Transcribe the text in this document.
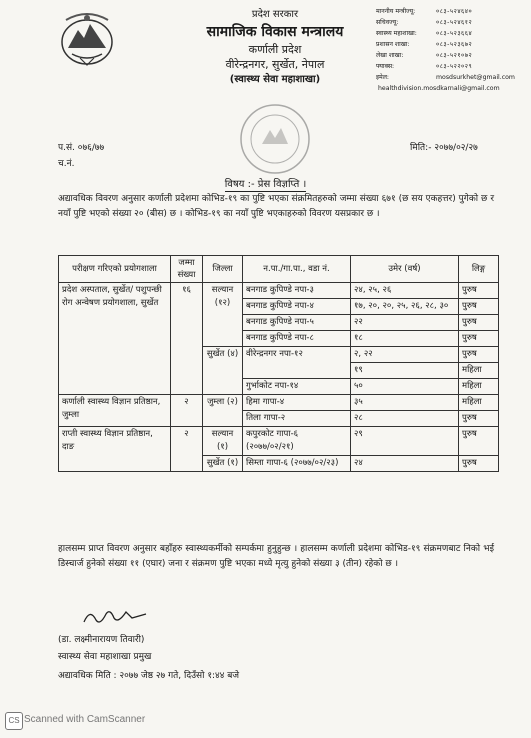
प्रदेश सरकार
सामाजिक विकास मन्त्रालय
कर्णाली प्रदेश
वीरेन्द्रनगर, सुर्खेत, नेपाल
(स्वास्थ्य सेवा महाशाखा)
माननीय मन्त्रीज्यू:	०८३-५२४६४०
सचिवज्यू:	०८३-५२४६१२
स्वास्थ्य महाशाखा:	०८३-५२३६६४
प्रशासन शाखा:	०८३-५२३६७२
लेखा शाखा:	०८३-५२१०७२
फ्याक्स:	०८३-५२२०२९
इमेल:	mosdsurkhet@gmail.com
healthdivision.mosdkarnali@gmail.com
प.सं. ०७६/७७
च.नं.
मिति:- २०७७/०२/२७
विषय :- प्रेस विज्ञप्ति ।
अद्यावधिक विवरण अनुसार कर्णाली प्रदेशमा कोभिड-१९ का पुष्टि भएका संक्रमितहरुको जम्मा संख्या ६७१ (छ सय एकहत्तर) पुगेको छ र नयाँ पुष्टि भएको संख्या २० (बीस) छ । कोभिड-१९ का नयाँ पुष्टि भएकाहरुको विवरण यसप्रकार छ ।
परीक्षण गरिएको प्रयोगशाला	जम्मा संख्या	जिल्ला	न.पा./गा.पा., वडा नं.	उमेर (वर्ष)	लिङ्ग
प्रदेश अस्पताल, सुर्खेत/ पशुपन्छी रोग अन्वेषण प्रयोगशाला, सुर्खेत	१६	सल्यान (१२)	बनगाड कुपिण्डे नपा-३	२४, २५, २६	पुरुष
			बनगाड कुपिण्डे नपा-४	१७, २०, २०, २५, २६, २८, ३०	पुरुष
			बनगाड कुपिण्डे नपा-५	२२	पुरुष
			बनगाड कुपिण्डे नपा-८	१८	पुरुष
		सुर्खेत (४)	वीरेन्द्रनगर नपा-१२	२, २२	पुरुष
				१९	महिला
			गुर्भाकोट नपा-१४	५०	महिला
कर्णाली स्वास्थ्य विज्ञान प्रतिष्ठान, जुम्ला	२	जुम्ला (२)	हिमा गापा-४	३५	महिला
			तिला गापा-२	२८	पुरुष
राप्ती स्वास्थ्य विज्ञान प्रतिष्ठान, दाङ	२	सल्यान (१)	कपुरकोट गापा-६ (२०७७/०२/२१)	२९	पुरुष
		सुर्खेत (१)	सिम्ता गापा-६ (२०७७/०२/२३)	२४	पुरुष
हालसम्म प्राप्त विवरण अनुसार बहाँहरु स्वास्थ्यकर्मीको सम्पर्कमा हुनुहुन्छ । हालसम्म कर्णाली प्रदेशमा कोभिड-१९ संक्रमणबाट निको भई डिस्चार्ज हुनेको संख्या ११ (एघार) जना र संक्रमण पुष्टि भएका मध्ये मृत्यु हुनेको संख्या ३ (तीन) रहेको छ ।
(डा. लक्ष्मीनारायण तिवारी)
स्वास्थ्य सेवा महाशाखा प्रमुख
अद्यावधिक मिति : २०७७ जेष्ठ २७ गते, दिउँसो १:४४ बजे
CS Scanned with CamScanner
